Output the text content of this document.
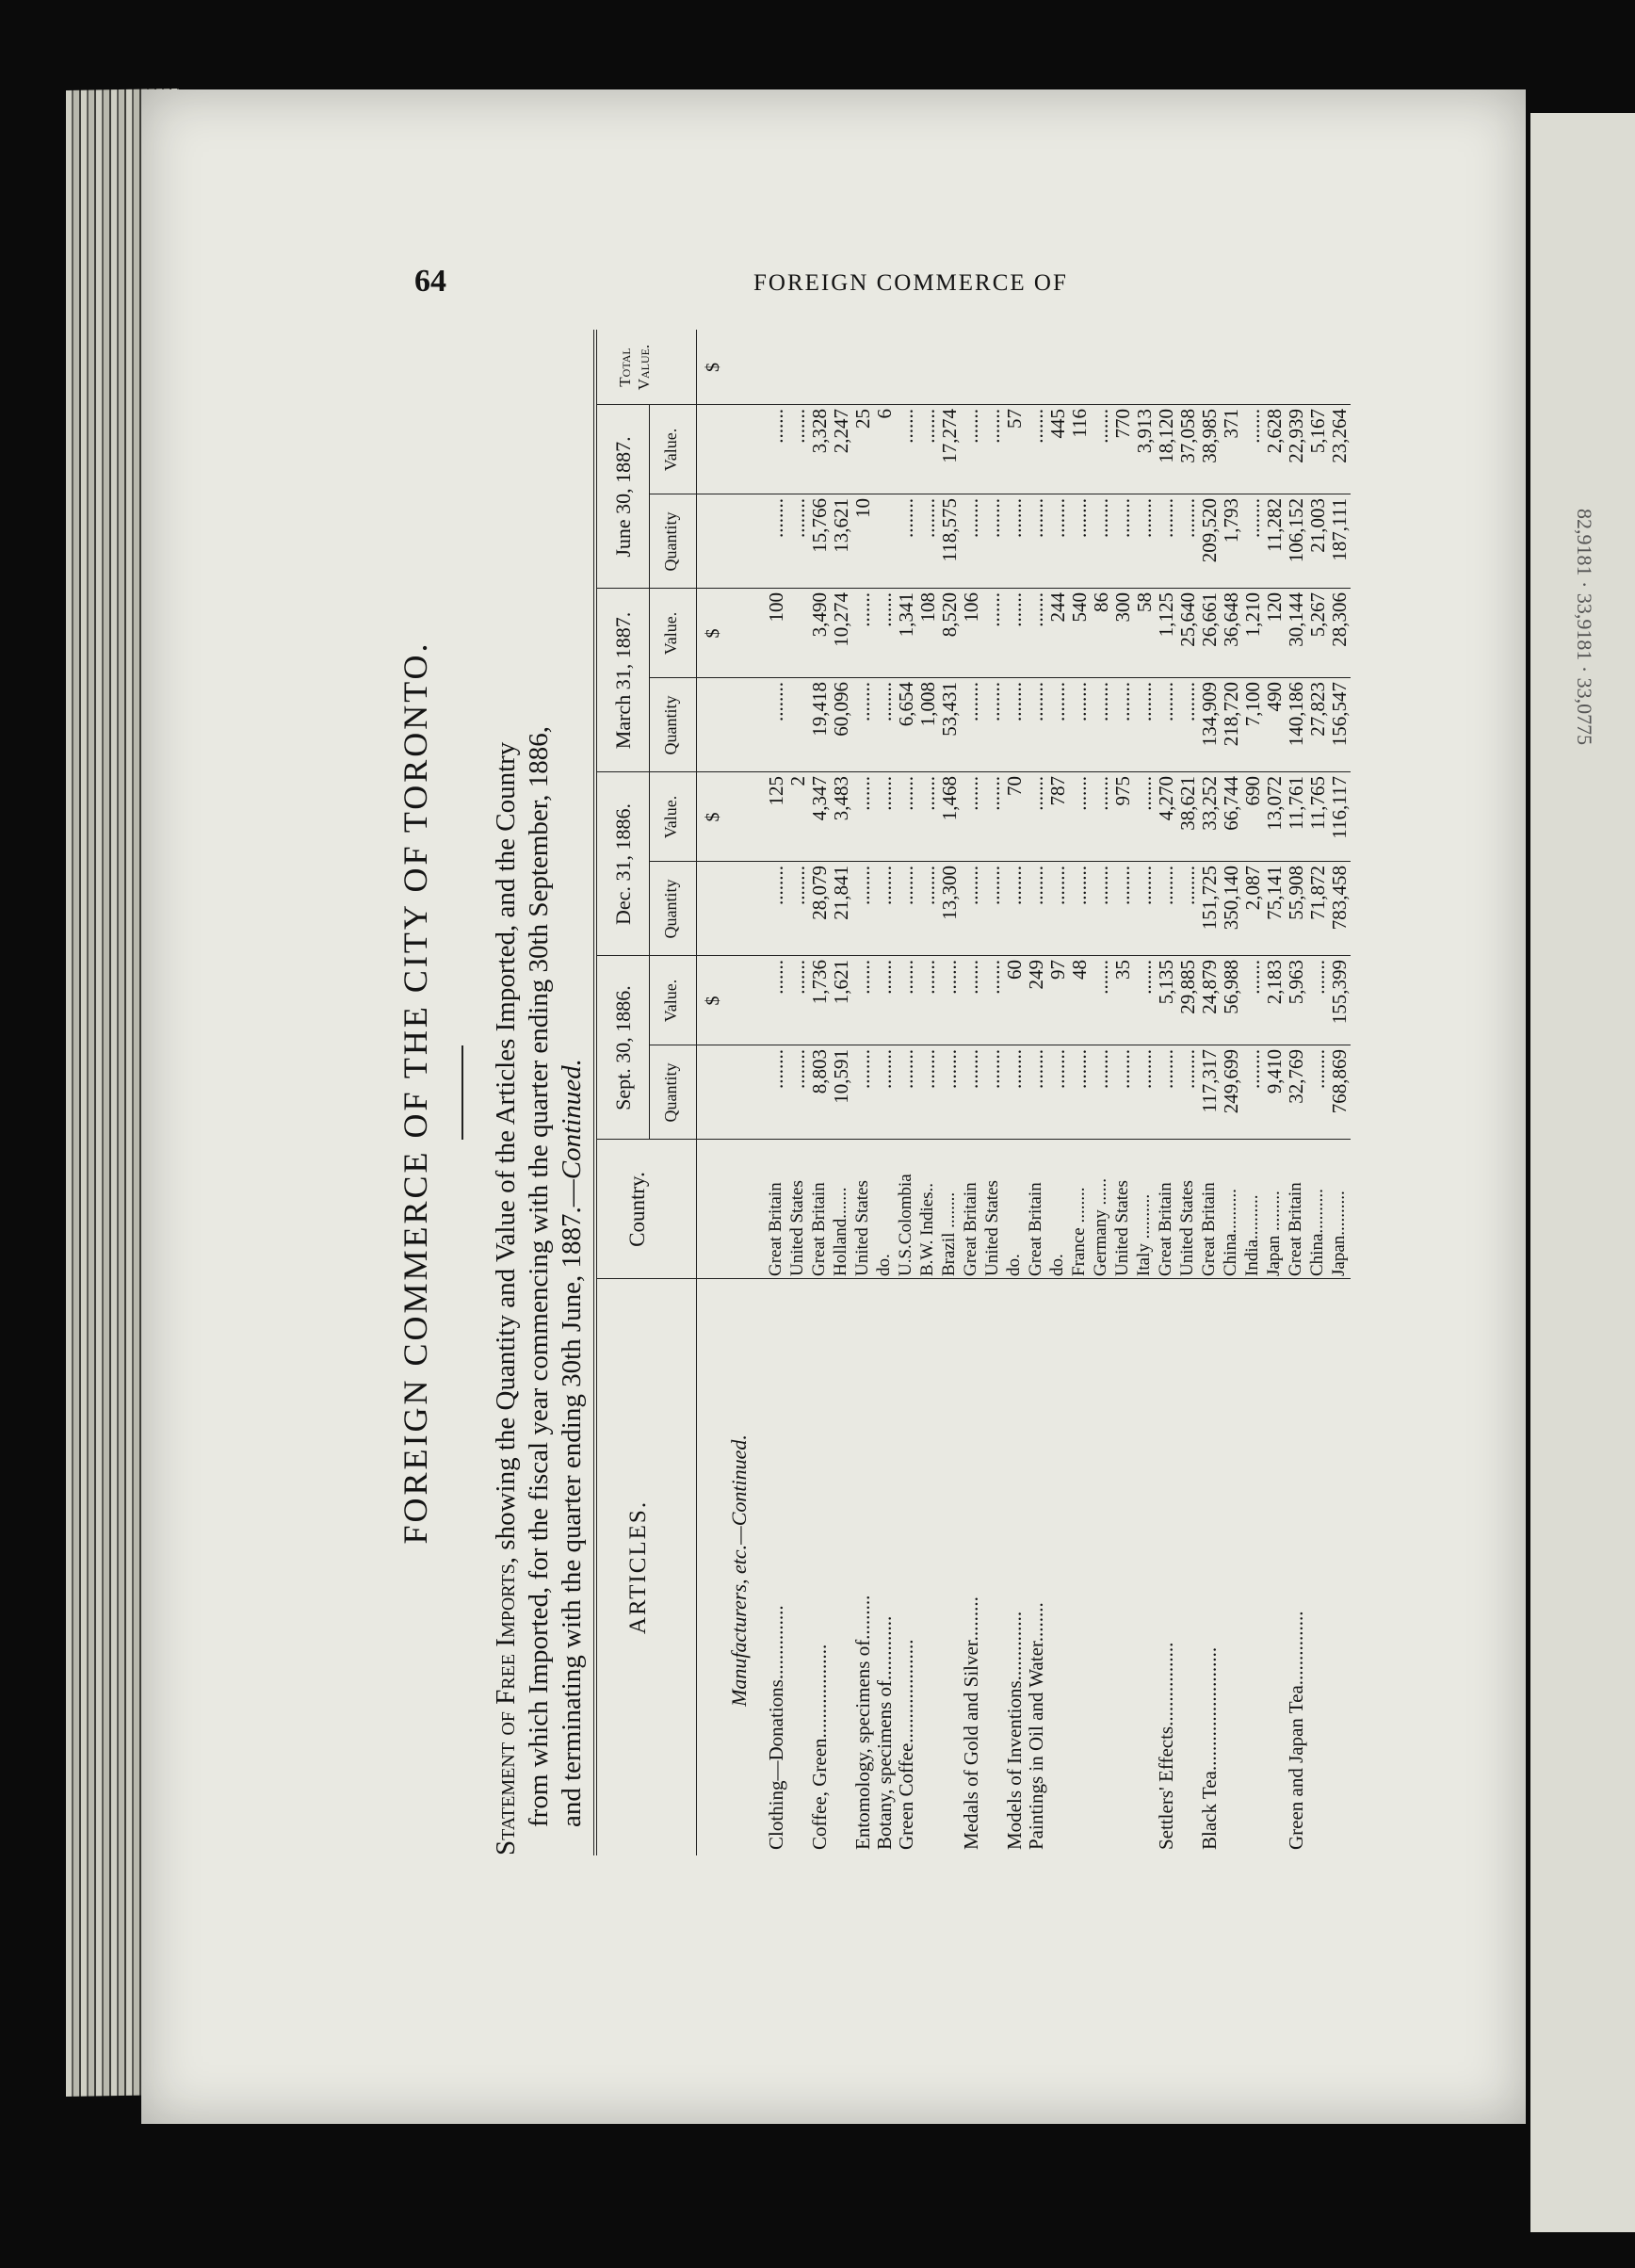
82,9181 · 33,9181 · 33,0775
64	FOREIGN COMMERCE OF
FOREIGN COMMERCE OF THE CITY OF TORONTO.
Statement of Free Imports, showing the Quantity and Value of the Articles Imported, and the Country from which Imported, for the fiscal year commencing with the quarter ending 30th September, 1886, and terminating with the quarter ending 30th June, 1887.—Continued.
ARTICLES.
Country.
Sept. 30, 1886.
Dec. 31, 1886.
March 31, 1887.
June 30, 1887.
Total Value.
Quantity
Value.
Quantity
Value.
Quantity
Value.
Quantity
Value.
$
$
$
$
Manufacturers, etc.—Continued.
Clothing—Donations...............
Great Britain
........
.......
........
125
........
100
........
.......
United States
........
.......
........
2
........
.......
Coffee, Green...................
Great Britain
8,803
1,736
28,079
4,347
19,418
3,490
15,766
3,328
Holland.......
10,591
1,621
21,841
3,483
60,096
10,274
13,621
2,247
Entomology, specimens of.........
United States
........
.......
........
.......
........
.......
10
25
Botany, specimens of.............
do.
........
.......
........
.......
........
.......
6
Green Coffee.....................
U.S.Colombia
........
.......
........
.......
6,654
1,341
........
.......
B.W. Indies..
........
.......
........
.......
1,008
108
........
.......
Brazil ........
........
.......
13,300
1,468
53,431
8,520
118,575
17,274
Medals of Gold and Silver.........
Great Britain
........
.......
........
.......
........
106
........
.......
United States
........
.......
........
.......
........
.......
........
.......
Models of Inventions..............
do.
........
60
........
70
........
.......
........
57
Paintings in Oil and Water........
Great Britain
........
249
........
.......
........
.......
........
.......
do.
........
97
........
787
........
244
........
445
France ........
........
48
........
.......
........
540
........
116
Germany ......
........
.......
........
.......
........
86
........
.......
United States
........
35
........
975
........
300
........
770
Italy ..........
........
.......
........
.......
........
58
........
3,913
Settlers' Effects.................
Great Britain
........
5,135
........
4,270
........
1,125
........
18,120
United States
........
29,885
........
38,621
........
25,640
........
37,058
Black Tea.........................
Great Britain
117,317
24,879
151,725
33,252
134,909
26,661
209,520
38,985
China..........
249,699
56,988
350,140
66,744
218,720
36,648
1,793
371
India..........
........
.......
2,087
690
7,100
1,210
........
.......
Japan .........
9,410
2,183
75,141
13,072
490
120
11,282
2,628
Green and Japan Tea...............
Great Britain
32,769
5,963
55,908
11,761
140,186
30,144
106,152
22,939
China..........
........
.......
71,872
11,765
27,823
5,267
21,003
5,167
Japan..........
768,869
155,399
783,458
116,117
156,547
28,306
187,111
23,264
